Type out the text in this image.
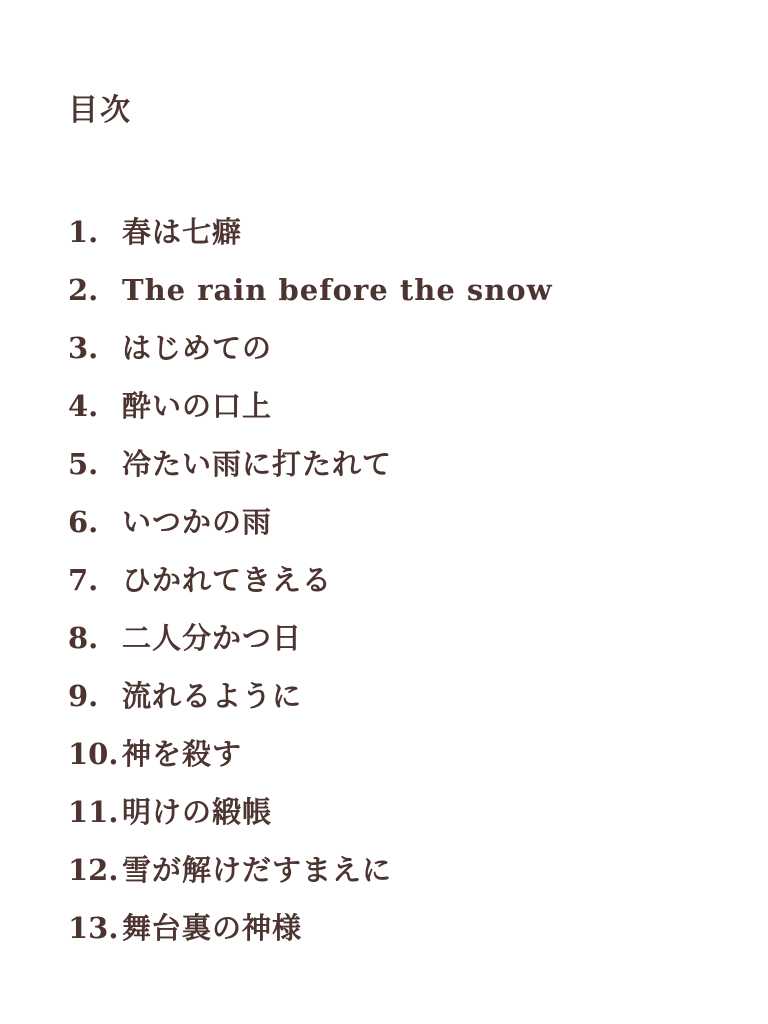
目次
1. 春は七癖
2. The rain before the snow
3. はじめての
4. 酔いの口上
5. 冷たい雨に打たれて
6. いつかの雨
7. ひかれてきえる
8. 二人分かつ日
9. 流れるように
10. 神を殺す
11. 明けの緞帳
12. 雪が解けだすまえに
13. 舞台裏の神様
